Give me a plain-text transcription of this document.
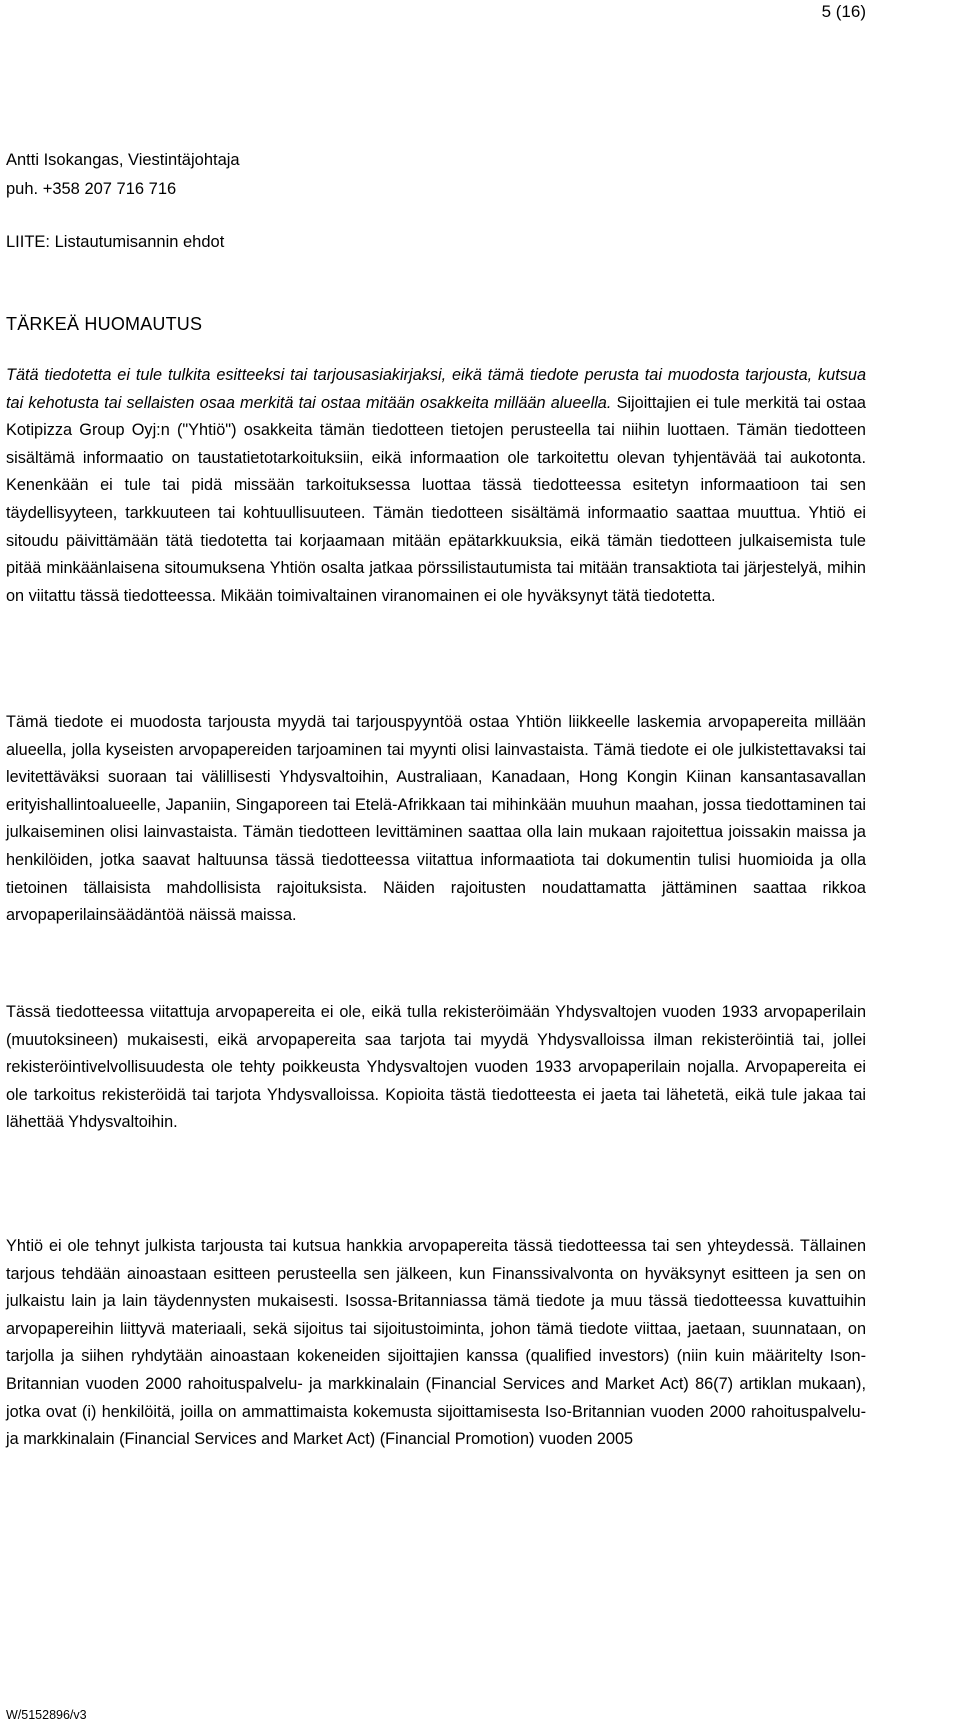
5 (16)
Antti Isokangas, Viestintäjohtaja
puh. +358 207 716 716
LIITE: Listautumisannin ehdot
TÄRKEÄ HUOMAUTUS
Tätä tiedotetta ei tule tulkita esitteeksi tai tarjousasiakirjaksi, eikä tämä tiedote perusta tai muodosta tarjousta, kutsua tai kehotusta tai sellaisten osaa merkitä tai ostaa mitään osakkeita millään alueella. Sijoittajien ei tule merkitä tai ostaa Kotipizza Group Oyj:n ("Yhtiö") osakkeita tämän tiedotteen tietojen perusteella tai niihin luottaen. Tämän tiedotteen sisältämä informaatio on taustatietotarkoituksiin, eikä informaation ole tarkoitettu olevan tyhjentävää tai aukotonta. Kenenkään ei tule tai pidä missään tarkoituksessa luottaa tässä tiedotteessa esitetyn informaatioon tai sen täydellisyyteen, tarkkuuteen tai kohtuullisuuteen. Tämän tiedotteen sisältämä informaatio saattaa muuttua. Yhtiö ei sitoudu päivittämään tätä tiedotetta tai korjaamaan mitään epätarkkuuksia, eikä tämän tiedotteen julkaisemista tule pitää minkäänlaisena sitoumuksena Yhtiön osalta jatkaa pörssilistautumista tai mitään transaktiota tai järjestelyä, mihin on viitattu tässä tiedotteessa. Mikään toimivaltainen viranomainen ei ole hyväksynyt tätä tiedotetta.
Tämä tiedote ei muodosta tarjousta myydä tai tarjouspyyntöä ostaa Yhtiön liikkeelle laskemia arvopapereita millään alueella, jolla kyseisten arvopapereiden tarjoaminen tai myynti olisi lainvastaista. Tämä tiedote ei ole julkistettavaksi tai levitettäväksi suoraan tai välillisesti Yhdysvaltoihin, Australiaan, Kanadaan, Hong Kongin Kiinan kansantasavallan erityishallintoalueelle, Japaniin, Singaporeen tai Etelä-Afrikkaan tai mihinkään muuhun maahan, jossa tiedottaminen tai julkaiseminen olisi lainvastaista. Tämän tiedotteen levittäminen saattaa olla lain mukaan rajoitettua joissakin maissa ja henkilöiden, jotka saavat haltuunsa tässä tiedotteessa viitattua informaatiota tai dokumentin tulisi huomioida ja olla tietoinen tällaisista mahdollisista rajoituksista. Näiden rajoitusten noudattamatta jättäminen saattaa rikkoa arvopaperilainsäädäntöä näissä maissa.
Tässä tiedotteessa viitattuja arvopapereita ei ole, eikä tulla rekisteröimään Yhdysvaltojen vuoden 1933 arvopaperilain (muutoksineen) mukaisesti, eikä arvopapereita saa tarjota tai myydä Yhdysvalloissa ilman rekisteröintiä tai, jollei rekisteröintivelvollisuudesta ole tehty poikkeusta Yhdysvaltojen vuoden 1933 arvopaperilain nojalla. Arvopapereita ei ole tarkoitus rekisteröidä tai tarjota Yhdysvalloissa. Kopioita tästä tiedotteesta ei jaeta tai lähetetä, eikä tule jakaa tai lähettää Yhdysvaltoihin.
Yhtiö ei ole tehnyt julkista tarjousta tai kutsua hankkia arvopapereita tässä tiedotteessa tai sen yhteydessä. Tällainen tarjous tehdään ainoastaan esitteen perusteella sen jälkeen, kun Finanssivalvonta on hyväksynyt esitteen ja sen on julkaistu lain ja lain täydennysten mukaisesti. Isossa-Britanniassa tämä tiedote ja muu tässä tiedotteessa kuvattuihin arvopapereihin liittyvä materiaali, sekä sijoitus tai sijoitustoiminta, johon tämä tiedote viittaa, jaetaan, suunnataan, on tarjolla ja siihen ryhdytään ainoastaan kokeneiden sijoittajien kanssa (qualified investors) (niin kuin määritelty Ison-Britannian vuoden 2000 rahoituspalvelu- ja markkinalain (Financial Services and Market Act) 86(7) artiklan mukaan), jotka ovat (i) henkilöitä, joilla on ammattimaista kokemusta sijoittamisesta Iso-Britannian vuoden 2000 rahoituspalvelu- ja markkinalain (Financial Services and Market Act) (Financial Promotion) vuoden 2005
W/5152896/v3
